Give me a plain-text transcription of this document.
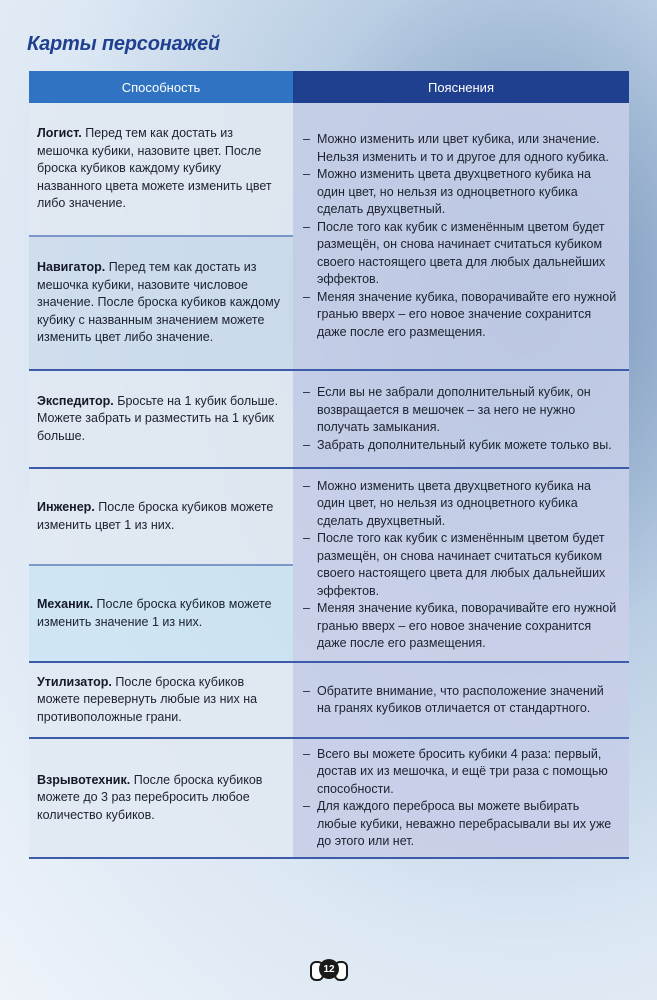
Карты персонажей
Способность	Пояснения
Логист. Перед тем как достать из мешочка кубики, назовите цвет. После броска кубиков каждому кубику названного цвета можете изменить цвет либо значение.
Навигатор. Перед тем как достать из мешочка кубики, назовите числовое значение. После броска кубиков каждому кубику с названным значением можете изменить цвет либо значение.
– Можно изменить или цвет кубика, или значение. Нельзя изменить и то и другое для одного кубика.
– Можно изменить цвета двухцветного кубика на один цвет, но нельзя из одноцветного кубика сделать двухцветный.
– После того как кубик с изменённым цветом будет размещён, он снова начинает считаться кубиком своего настоящего цвета для любых дальнейших эффектов.
– Меняя значение кубика, поворачивайте его нужной гранью вверх – его новое значение сохранится даже после его размещения.
Экспедитор. Бросьте на 1 кубик больше. Можете забрать и разместить на 1 кубик больше.
– Если вы не забрали дополнительный кубик, он возвращается в мешочек – за него не нужно получать замыкания.
– Забрать дополнительный кубик можете только вы.
Инженер. После броска кубиков можете изменить цвет 1 из них.
Механик. После броска кубиков можете изменить значение 1 из них.
– Можно изменить цвета двухцветного кубика на один цвет, но нельзя из одноцветного кубика сделать двухцветный.
– После того как кубик с изменённым цветом будет размещён, он снова начинает считаться кубиком своего настоящего цвета для любых дальнейших эффектов.
– Меняя значение кубика, поворачивайте его нужной гранью вверх – его новое значение сохранится даже после его размещения.
Утилизатор. После броска кубиков можете перевернуть любые из них на противоположные грани.
– Обратите внимание, что расположение значений на гранях кубиков отличается от стандартного.
Взрывотехник. После броска кубиков можете до 3 раз перебросить любое количество кубиков.
– Всего вы можете бросить кубики 4 раза: первый, достав их из мешочка, и ещё три раза с помощью способности.
– Для каждого переброса вы можете выбирать любые кубики, неважно перебрасывали вы их уже до этого или нет.
12
